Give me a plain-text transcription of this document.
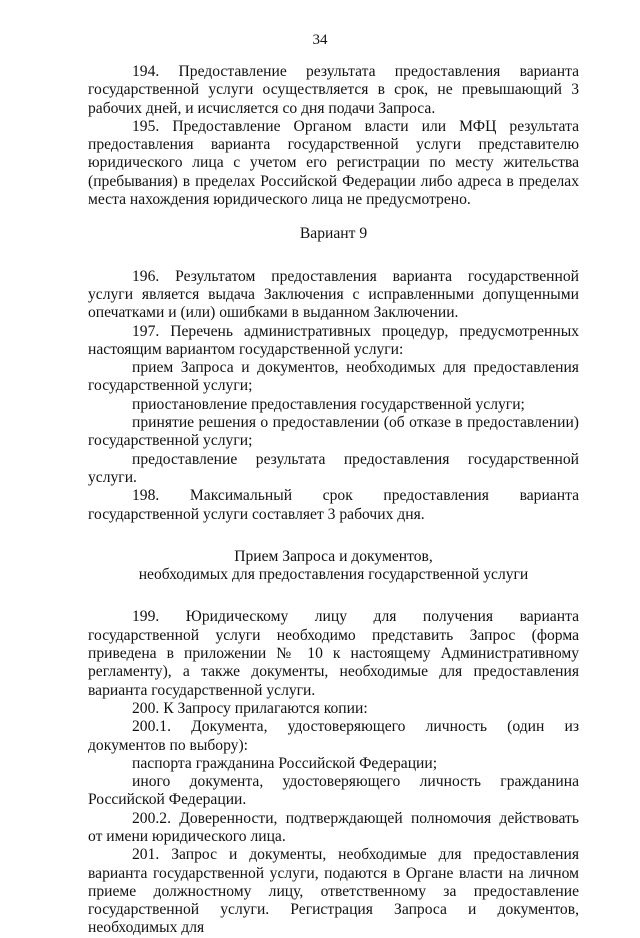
34

194. Предоставление результата предоставления варианта государственной услуги осуществляется в срок, не превышающий 3 рабочих дней, и исчисляется со дня подачи Запроса.

195. Предоставление Органом власти или МФЦ результата предоставления варианта государственной услуги представителю юридического лица с учетом его регистрации по месту жительства (пребывания) в пределах Российской Федерации либо адреса в пределах места нахождения юридического лица не предусмотрено.

Вариант 9

196. Результатом предоставления варианта государственной услуги является выдача Заключения с исправленными допущенными опечатками и (или) ошибками в выданном Заключении.

197. Перечень административных процедур, предусмотренных настоящим вариантом государственной услуги:

прием Запроса и документов, необходимых для предоставления государственной услуги;

приостановление предоставления государственной услуги;

принятие решения о предоставлении (об отказе в предоставлении) государственной услуги;

предоставление результата предоставления государственной услуги.

198. Максимальный срок предоставления варианта государственной услуги составляет 3 рабочих дня.

Прием Запроса и документов,

необходимых для предоставления государственной услуги

199. Юридическому лицу для получения варианта государственной услуги необходимо представить Запрос (форма приведена в приложении № 10 к настоящему Административному регламенту), а также документы, необходимые для предоставления варианта государственной услуги.

200. К Запросу прилагаются копии:

200.1. Документа, удостоверяющего личность (один из документов по выбору):

паспорта гражданина Российской Федерации;

иного документа, удостоверяющего личность гражданина Российской Федерации.

200.2. Доверенности, подтверждающей полномочия действовать от имени юридического лица.

201. Запрос и документы, необходимые для предоставления варианта государственной услуги, подаются в Органе власти на личном приеме должностному лицу, ответственному за предоставление государственной услуги. Регистрация Запроса и документов, необходимых для
